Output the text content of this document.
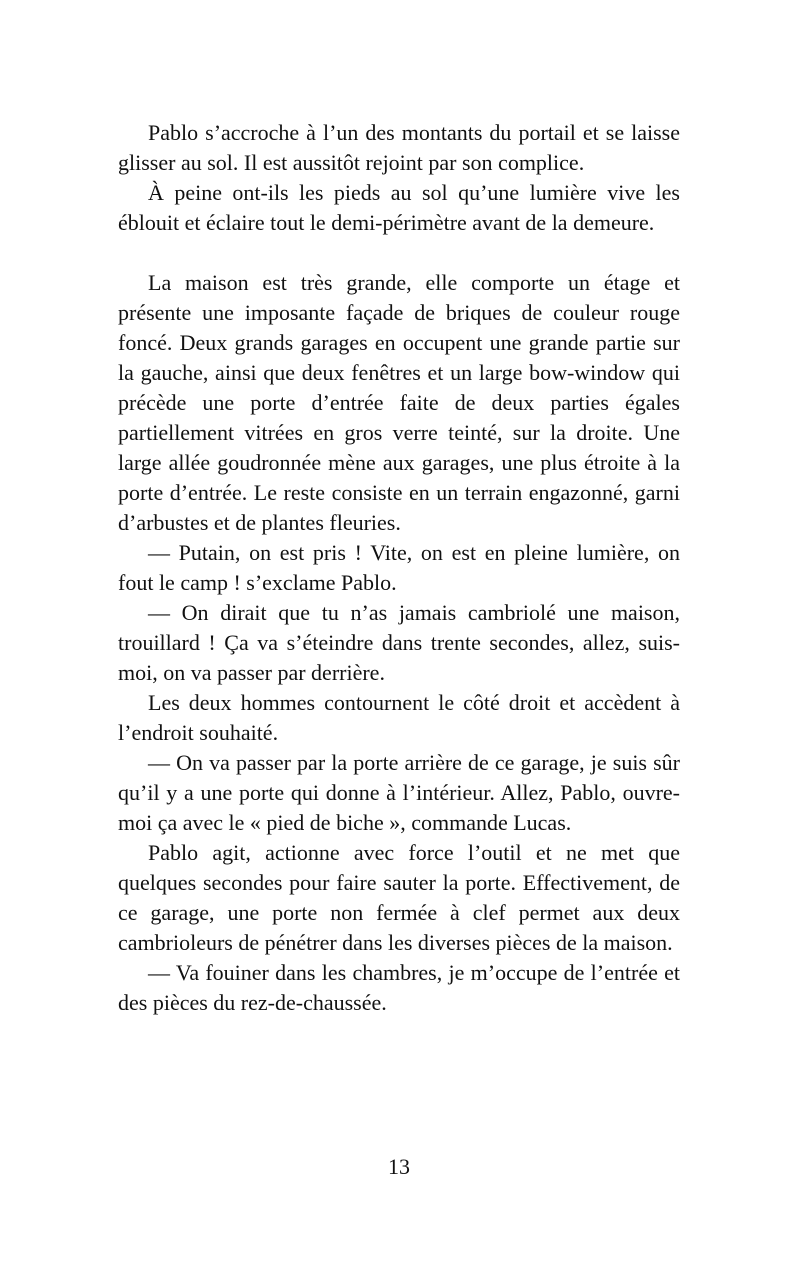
Pablo s’accroche à l’un des montants du portail et se laisse glisser au sol. Il est aussitôt rejoint par son complice.

À peine ont-ils les pieds au sol qu’une lumière vive les éblouit et éclaire tout le demi-périmètre avant de la demeure.

La maison est très grande, elle comporte un étage et présente une imposante façade de briques de couleur rouge foncé. Deux grands garages en occupent une grande partie sur la gauche, ainsi que deux fenêtres et un large bow-window qui précède une porte d’entrée faite de deux parties égales partiellement vitrées en gros verre teinté, sur la droite. Une large allée goudronnée mène aux garages, une plus étroite à la porte d’entrée. Le reste consiste en un terrain engazonné, garni d’arbustes et de plantes fleuries.

— Putain, on est pris ! Vite, on est en pleine lumière, on fout le camp ! s’exclame Pablo.

— On dirait que tu n’as jamais cambriolé une maison, trouillard ! Ça va s’éteindre dans trente secondes, allez, suis-moi, on va passer par derrière.

Les deux hommes contournent le côté droit et accèdent à l’endroit souhaité.

— On va passer par la porte arrière de ce garage, je suis sûr qu’il y a une porte qui donne à l’intérieur. Allez, Pablo, ouvre-moi ça avec le « pied de biche », commande Lucas.

Pablo agit, actionne avec force l’outil et ne met que quelques secondes pour faire sauter la porte. Effectivement, de ce garage, une porte non fermée à clef permet aux deux cambrioleurs de pénétrer dans les diverses pièces de la maison.

— Va fouiner dans les chambres, je m’occupe de l’entrée et des pièces du rez-de-chaussée.

13
